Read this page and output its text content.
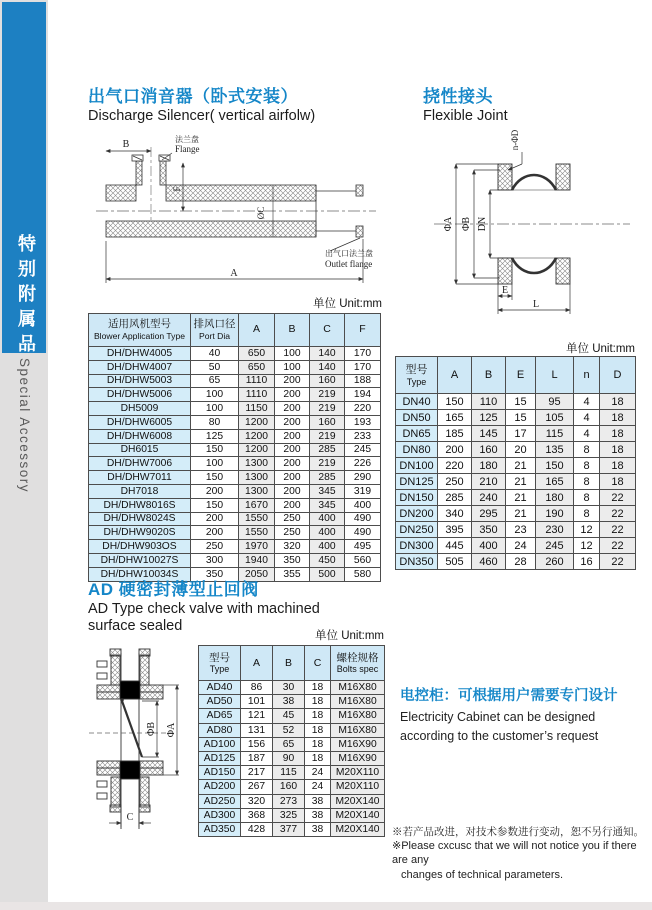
特别附属品
Special Accessory
出气口消音器（卧式安装）
Discharge Silencer( vertical airfolw)
挠性接头
Flexible Joint
B
F
ØC
A
法兰盘
Flange
出气口法兰盘
Outlet flange
ΦA ΦB DN
n-ΦD
E
L
单位 Unit:mm
单位 Unit:mm
单位 Unit:mm
适用风机型号
Blower Application Type

排风口径
Port Dia
	A	B	C	F
DH/DHW4005	40	650	100	140	170
DH/DHW4007	50	650	100	140	170
DH/DHW5003	65	1110	200	160	188
DH/DHW5006	100	1110	200	219	194
DH5009	100	1150	200	219	220
DH/DHW6005	80	1200	200	160	193
DH/DHW6008	125	1200	200	219	233
DH6015	150	1200	200	285	245
DH/DHW7006	100	1300	200	219	226
DH/DHW7011	150	1300	200	285	290
DH7018	200	1300	200	345	319
DH/DHW8016S	150	1670	200	345	400
DH/DHW8024S	200	1550	250	400	490
DH/DHW9020S	200	1550	250	400	490
DH/DHW903OS	250	1970	320	400	495
DH/DHW10027S	300	1940	350	450	560
DH/DHW10034S	350	2050	355	500	580
型号
Type	A	B	E	L	n	D
DN40	150	110	15	95	4	18
DN50	165	125	15	105	4	18
DN65	185	145	17	115	4	18
DN80	200	160	20	135	8	18
DN100	220	180	21	150	8	18
DN125	250	210	21	165	8	18
DN150	285	240	21	180	8	22
DN200	340	295	21	190	8	22
DN250	395	350	23	230	12	22
DN300	445	400	24	245	12	22
DN350	505	460	28	260	16	22
型号
Type	A	B	C	螺栓规格
Bolts spec

AD40	86	30	18	M16X80
AD50	101	38	18	M16X80
AD65	121	45	18	M16X80
AD80	131	52	18	M16X80
AD100	156	65	18	M16X90
AD125	187	90	18	M16X90
AD150	217	115	24	M20X110
AD200	267	160	24	M20X110
AD250	320	273	38	M20X140
AD300	368	325	38	M20X140
AD350	428	377	38	M20X140
AD 硬密封薄型止回阀
AD Type check valve with machined surface sealed
ΦB ΦA
C
电控柜：可根据用户需要专门设计
Electricity Cabinet can be designed
according to the customer’s request
※若产品改进，对技术参数进行变动，恕不另行通知。
※Please cxcusc that we will not notice you if there are any
changes of technical parameters.
